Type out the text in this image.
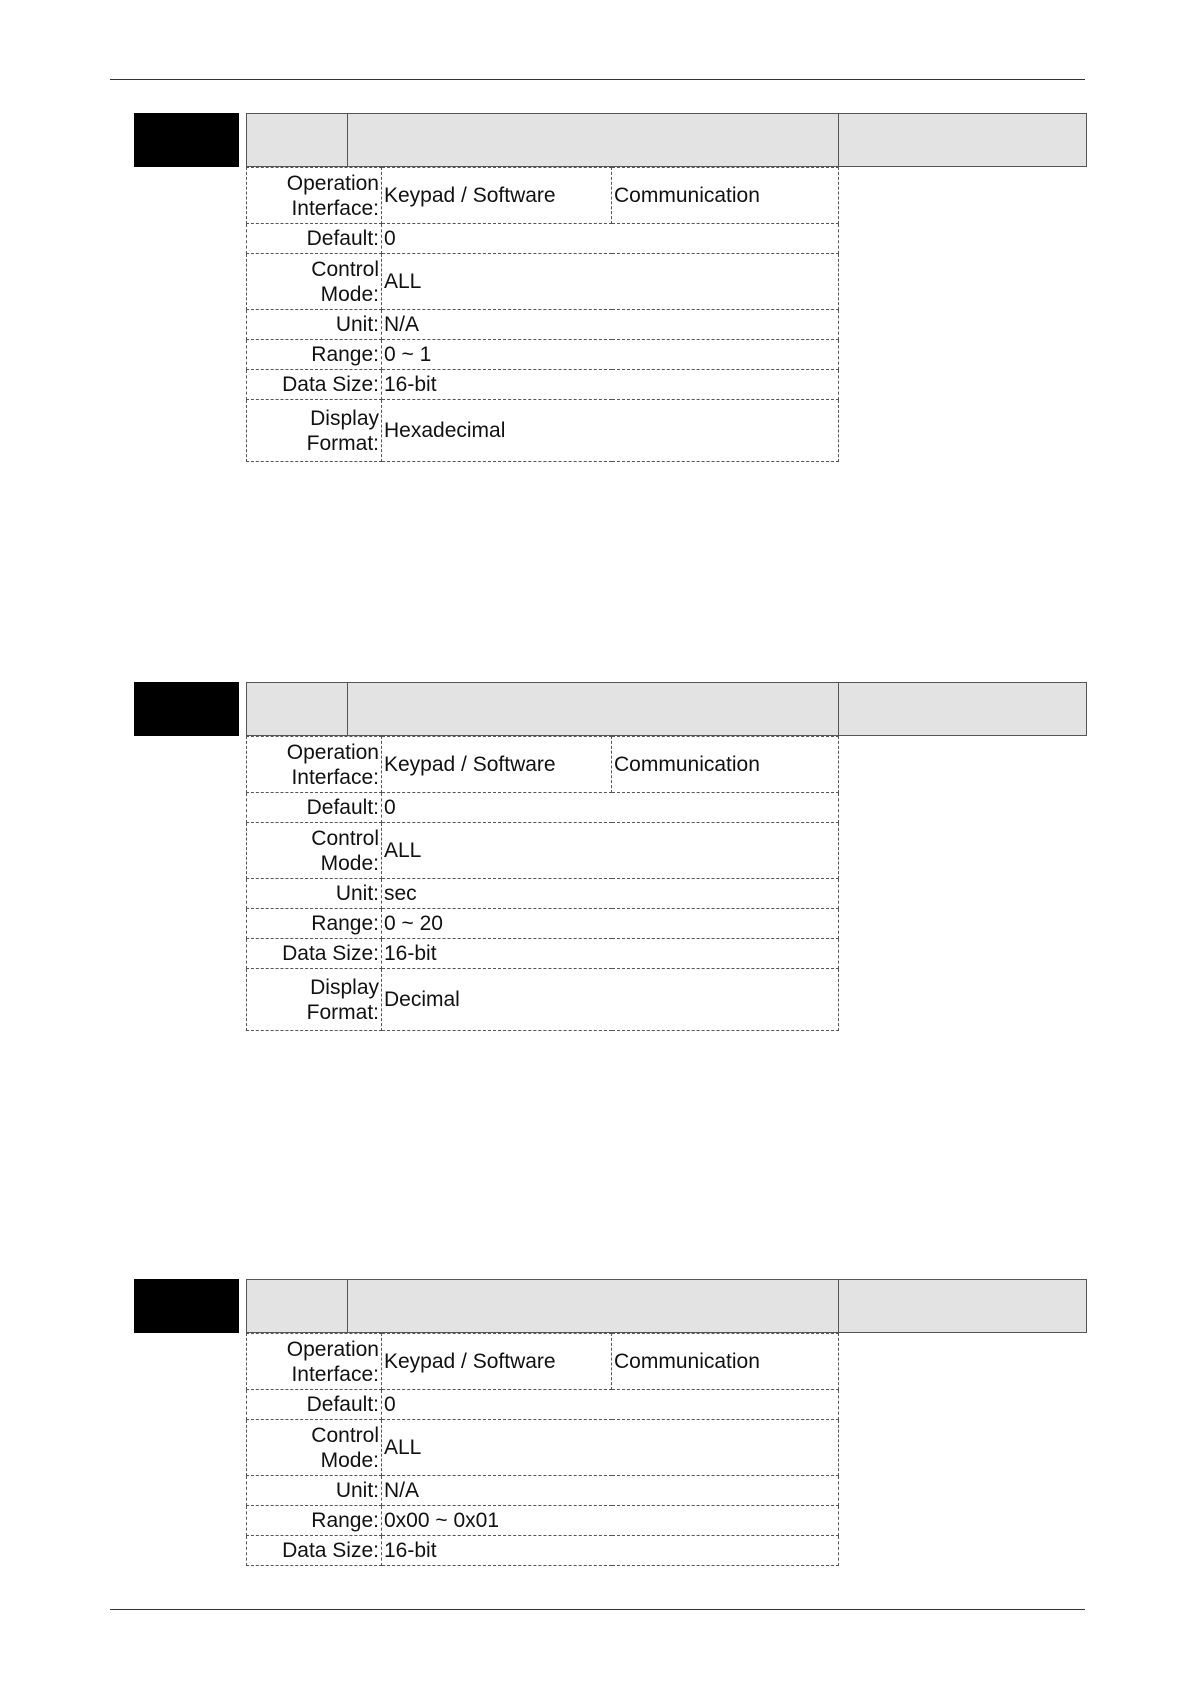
Operation
Interface:	Keypad / Software	Communication
Default:	0	

Control
Mode:	ALL	
Unit:	N/A	
Range:	0 ~ 1	
Data Size:	16-bit	

Display
Format:	Hexadecimal	
Operation
Interface:	Keypad / Software	Communication
Default:	0	

Control
Mode:	ALL	
Unit:	sec	
Range:	0 ~ 20	
Data Size:	16-bit	

Display
Format:	Decimal	
Operation
Interface:	Keypad / Software	Communication
Default:	0	

Control
Mode:	ALL	
Unit:	N/A	
Range:	0x00 ~ 0x01	
Data Size:	16-bit	
